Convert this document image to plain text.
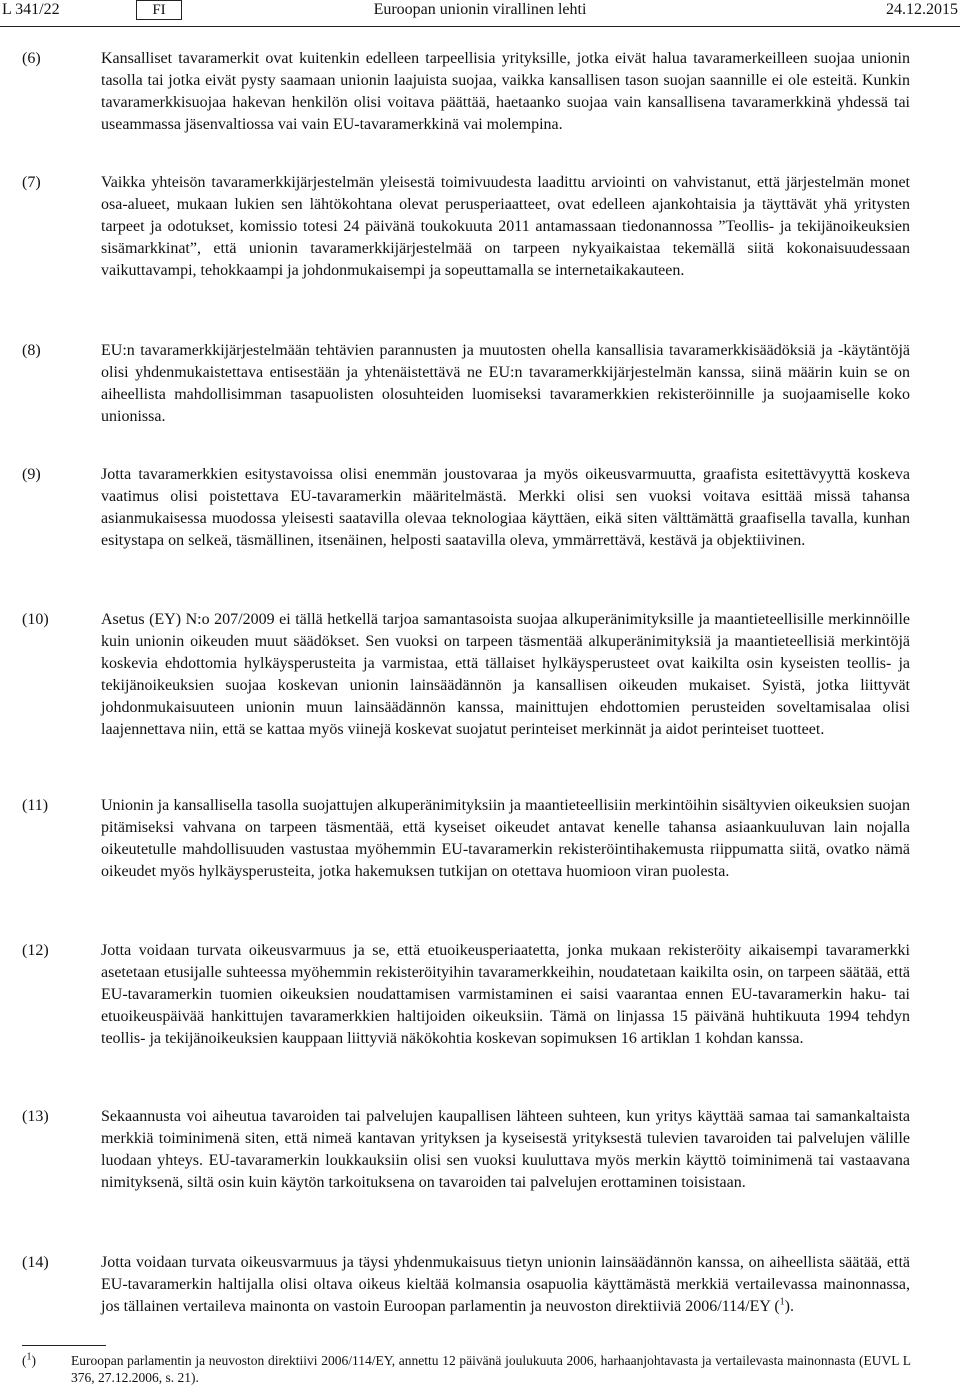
L 341/22	FI	Euroopan unionin virallinen lehti	24.12.2015
(6)	Kansalliset tavaramerkit ovat kuitenkin edelleen tarpeellisia yrityksille, jotka eivät halua tavaramerkeilleen suojaa unionin tasolla tai jotka eivät pysty saamaan unionin laajuista suojaa, vaikka kansallisen tason suojan saannille ei ole esteitä. Kunkin tavaramerkkisuojaa hakevan henkilön olisi voitava päättää, haetaanko suojaa vain kansallisena tavaramerkkinä yhdessä tai useammassa jäsenvaltiossa vai vain EU-tavaramerkkinä vai molempina.

(7)	Vaikka yhteisön tavaramerkkijärjestelmän yleisestä toimivuudesta laadittu arviointi on vahvistanut, että järjestelmän monet osa-alueet, mukaan lukien sen lähtökohtana olevat perusperiaatteet, ovat edelleen ajankohtaisia ja täyttävät yhä yritysten tarpeet ja odotukset, komissio totesi 24 päivänä toukokuuta 2011 antamassaan tiedonannossa ”Teollis- ja tekijänoikeuksien sisämarkkinat”, että unionin tavaramerkkijärjestelmää on tarpeen nykyaikaistaa tekemällä siitä kokonaisuudessaan vaikuttavampi, tehokkaampi ja johdonmukaisempi ja sopeuttamalla se internetaikakauteen.

(8)	EU:n tavaramerkkijärjestelmään tehtävien parannusten ja muutosten ohella kansallisia tavaramerkkisäädöksiä ja -käytäntöjä olisi yhdenmukaistettava entisestään ja yhtenäistettävä ne EU:n tavaramerkkijärjestelmän kanssa, siinä määrin kuin se on aiheellista mahdollisimman tasapuolisten olosuhteiden luomiseksi tavaramerkkien rekisteröinnille ja suojaamiselle koko unionissa.

(9)	Jotta tavaramerkkien esitystavoissa olisi enemmän joustovaraa ja myös oikeusvarmuutta, graafista esitettävyyttä koskeva vaatimus olisi poistettava EU-tavaramerkin määritelmästä. Merkki olisi sen vuoksi voitava esittää missä tahansa asianmukaisessa muodossa yleisesti saatavilla olevaa teknologiaa käyttäen, eikä siten välttämättä graafisella tavalla, kunhan esitystapa on selkeä, täsmällinen, itsenäinen, helposti saatavilla oleva, ymmärrettävä, kestävä ja objektiivinen.

(10)	Asetus (EY) N:o 207/2009 ei tällä hetkellä tarjoa samantasoista suojaa alkuperänimityksille ja maantieteellisille merkinnöille kuin unionin oikeuden muut säädökset. Sen vuoksi on tarpeen täsmentää alkuperänimityksiä ja maantieteellisiä merkintöjä koskevia ehdottomia hylkäysperusteita ja varmistaa, että tällaiset hylkäysperusteet ovat kaikilta osin kyseisten teollis- ja tekijänoikeuksien suojaa koskevan unionin lainsäädännön ja kansallisen oikeuden mukaiset. Syistä, jotka liittyvät johdonmukaisuuteen unionin muun lainsäädännön kanssa, mainittujen ehdottomien perusteiden soveltamisalaa olisi laajennettava niin, että se kattaa myös viinejä koskevat suojatut perinteiset merkinnät ja aidot perinteiset tuotteet.

(11)	Unionin ja kansallisella tasolla suojattujen alkuperänimityksiin ja maantieteellisiin merkintöihin sisältyvien oikeuksien suojan pitämiseksi vahvana on tarpeen täsmentää, että kyseiset oikeudet antavat kenelle tahansa asiaankuuluvan lain nojalla oikeutetulle mahdollisuuden vastustaa myöhemmin EU-tavaramerkin rekisteröintihakemusta riippumatta siitä, ovatko nämä oikeudet myös hylkäysperusteita, jotka hakemuksen tutkijan on otettava huomioon viran puolesta.

(12)	Jotta voidaan turvata oikeusvarmuus ja se, että etuoikeusperiaatetta, jonka mukaan rekisteröity aikaisempi tavaramerkki asetetaan etusijalle suhteessa myöhemmin rekisteröityihin tavaramerkkeihin, noudatetaan kaikilta osin, on tarpeen säätää, että EU-tavaramerkin tuomien oikeuksien noudattamisen varmistaminen ei saisi vaarantaa ennen EU-tavaramerkin haku- tai etuoikeuspäivää hankittujen tavaramerkkien haltijoiden oikeuksiin. Tämä on linjassa 15 päivänä huhtikuuta 1994 tehdyn teollis- ja tekijänoikeuksien kauppaan liittyviä näkökohtia koskevan sopimuksen 16 artiklan 1 kohdan kanssa.

(13)	Sekaannusta voi aiheutua tavaroiden tai palvelujen kaupallisen lähteen suhteen, kun yritys käyttää samaa tai samankaltaista merkkiä toiminimenä siten, että nimeä kantavan yrityksen ja kyseisestä yrityksestä tulevien tavaroiden tai palvelujen välille luodaan yhteys. EU-tavaramerkin loukkauksiin olisi sen vuoksi kuuluttava myös merkin käyttö toiminimenä tai vastaavana nimityksenä, siltä osin kuin käytön tarkoituksena on tavaroiden tai palvelujen erottaminen toisistaan.

(14)	Jotta voidaan turvata oikeusvarmuus ja täysi yhdenmukaisuus tietyn unionin lainsäädännön kanssa, on aiheellista säätää, että EU-tavaramerkin haltijalla olisi oltava oikeus kieltää kolmansia osapuolia käyttämästä merkkiä vertailevassa mainonnassa, jos tällainen vertaileva mainonta on vastoin Euroopan parlamentin ja neuvoston direktiiviä 2006/114/EY ($^1$).

($^1$)	Euroopan parlamentin ja neuvoston direktiivi 2006/114/EY, annettu 12 päivänä joulukuuta 2006, harhaanjohtavasta ja vertailevasta mainonnasta (EUVL L 376, 27.12.2006, s. 21).
